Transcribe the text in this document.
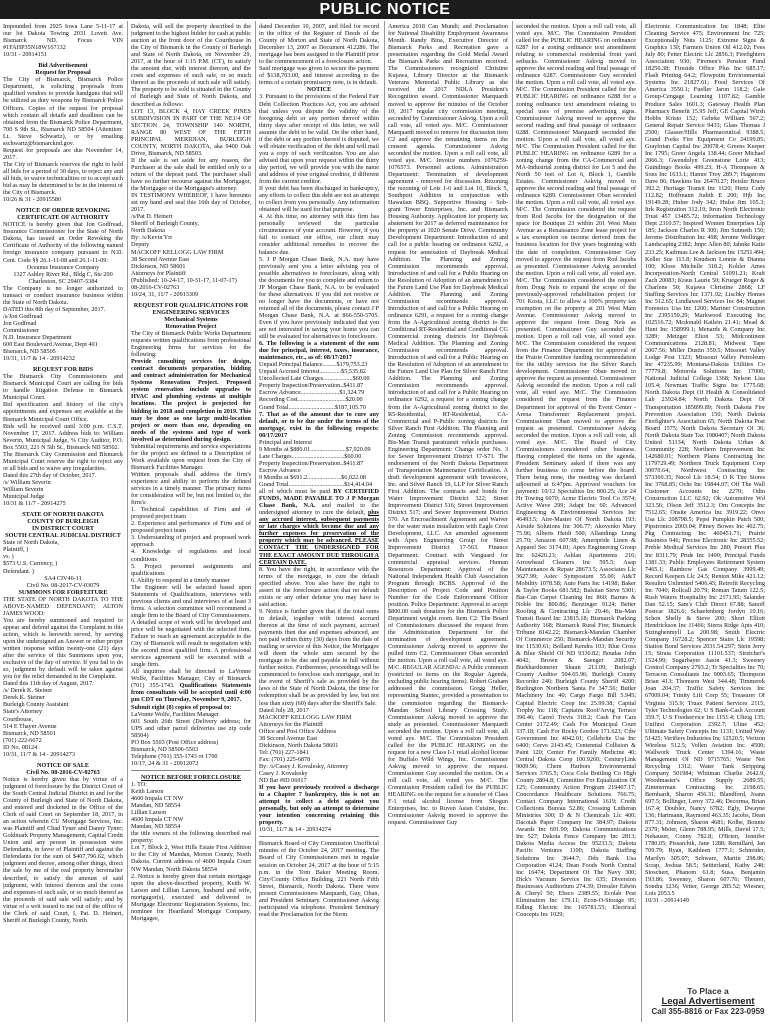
PUBLIC NOTICE

Impounded from 2925 Iowa Lane 5-11-17 at our lot Dakota Towing 2031 Lovett Ave. Bismarck ND. Focus VIN #1FAHP35N18W167132

10/31 - 20914151

Bid Advertisement

Request for Proposal

The City of Bismarck, Bismarck Police Department, is soliciting proposals from qualified vendors to provide handguns that will be utilized as duty weapons by Bismarck Police Officers. Copies of the request for proposal which contain all details and deadlines can be obtained from the Bismarck Police Department, 700 S 9th St., Bismarck ND 58504 (Attention: Lt. Steve Schwartz), or by emailing sschwartz@bismarcknd.gov.

Request for proposals are due November 14, 2017.

The City of Bismarck reserves the right to hold all bids for a period of 30 days, to reject any and all bids, to waive technicalities or to accept such bid as may be determined to be in the interest of the City of Bismarck.

10/26 & 31 - 20915580

NOTICE OF ORDER REVOKING CERTIFICATE OF AUTHORITY

NOTICE is hereby given that Jon Godfread, Insurance Commissioner for the State of North Dakota, has issued an Order Revoking the Certificate of Authority of the following named foreign insurance company pursuant to N.D. Cent. Code §§ 26.1-11-08 and 26.1-11-09:

Oceanus Insurance Company
1327 Ashley River Rd., Bldg C, Ste 200
Charleston, SC 29407-5384

The Company is no longer authorized to transact or conduct insurance business within the State of North Dakota.

DATED this 8th day of September, 2017.

/s/Jon Godfread
Jon Godfread
Commissioner
N.D. Insurance Department
600 East Boulevard Avenue, Dept 401
Bismarck, ND 58505

10/31, 11/7 & 14 - 20914232

REQUEST FOR BIDS

The Bismarck City Commissioners and Bismarck Municipal Court are calling for bids to handle litigation Defense in Bismarck Municipal Court.

Bid specification and history of the city's appointments and expenses are available at the Bismarck Municipal Court Office.

Bids will be received until 3:00 p.m. C.S.T. November 17, 2017. Address bids to: William Severin, Municipal Judge, % City Auditor, P.O. Box 5503, 221 N 5th St., Bismarck ND 58502.

The Bismarck City Commission and Bismarck Municipal Court reserve the right to reject any or all bids and to waive any irregularities.

Dated this 27th day of October, 2017.

/s/ William Severin
William Severin
Municipal Judge

10/31 & 11/7 - 20914275

STATE OF NORTH DAKOTA
COUNTY OF BURLEIGH
IN DISTRICT COURT
SOUTH CENTRAL JUDICIAL DISTRICT

State of North Dakota,
Plaintiff, )
vs. )
$573 U.S. Currency, )
Defendant. )

SA4 CIV46-11
Civil No. 08-2017-CV-03079

SUMMONS FOR FORFEITURE

THE STATE OF NORTH DAKOTA TO THE ABOVE-NAMED DEFENDANT; ALTON JAMES WOOD:

You are hereby summoned and required to appear and defend against the Complaint in this action, which is herewith served, by serving upon the undersigned an Answer or other proper written response within twenty-one (21) days after the service of this Summons upon you, exclusive of the day of service. If you fail to do so, judgment by default will be taken against you for the relief demanded in the Complaint.

Dated this 11th day of August, 2017.

/s/ Derek K. Steiner
Derek K. Steiner
Burleigh County Assistant
State's Attorney
Courthouse,
514 E Thayer Avenue
Bismarck, ND 58501
(701) 222-6672
ID No. 08124

10/31, 11/7 & 14 - 20914273

NOTICE OF SALE
Civil No. 08-2016-CV-02763

Notice is hereby given that by virtue of a judgment of foreclosure by the District Court of the South Central Judicial District in and for the County of Burleigh and State of North Dakota, and entered and docketed in the Office of the Clerk of said Court on September 18, 2017, in an action wherein CU Mortgage Services, Inc. was Plaintiff and Chad Tyner and Danny Tyner; Goldmark Property Management; Capital Credit Union and any person in possession were Defendants, in favor of Plaintiff and against the Defendants for the sum of $407,796.62, which judgment and decree, among other things, direct the sale by me of the real property hereinafter described, to satisfy the amount of said judgment, with interest thereon and the costs and expenses of such sale, or so much thereof as the proceeds of said sale will satisfy; and by virtue of a writ issued to me out of the office of the Clerk of said Court, I, Pat. D. Heinert, Sheriff of Burleigh County, North

Dakota, will sell the property described in the judgment to the highest bidder for cash at public auction at the front door of the Courthouse in the City of Bismarck in the County of Burleigh and State of North Dakota, on November 29, 2017, at the hour of 1:15 P.M. (CT), to satisfy the amount due, with interest thereon, and the costs and expenses of such sale, or so much thereof as the proceeds of such sale will satisfy. The property to be sold is situated in the County of Burleigh and State of North Dakota, and described as follows:

LOT 13, BLOCK 4, HAY CREEK PINES SUBDIVISION IN PART OF THE NE1/4 OF SECTION 24, TOWNSHIP 140 NORTH, RANGE 80 WEST OF THE FIFTH PRINCIPAL MERIDIAN, BURLEIGH COUNTY, NORTH DAKOTA, aka 9400 Oak Drive, Bismarck, ND 58503.

If the sale is set aside for any reason, the Purchaser at the sale shall be entitled only to a return of the deposit paid. The purchaser shall have no further recourse against the Mortgagor, the Mortgagee or the Mortgagee's attorney.

IN TESTIMONY WHEREOF, I have hereunto set my hand and seal this 16th day of October, 2017.

/s/Pat D. Heinert
Sheriff of Burleigh County,
North Dakota
By: /s/Kevin Yrr
Deputy

MACKOFF KELLOGG LAW FIRM
38 Second Avenue East
Dickinson, ND 58601
Attorneys for Plaintiff
(Published: 10-24-17, 10-31-17, 11-07-17)
08-2016-CV-02763

10/24, 31, 11/7 - 20913309

REQUEST FOR QUALIFICATIONS FOR ENGINEERING SERVICES
Mechanical Systems
Renovation Project

The City of Bismarck Public Works Department requests written qualifications from professional Engineering firms for services for the following:

Provide consulting services for design, contract documents preparation, bidding and contract administration for Mechanical Systems Renovation Project. Proposed system renovation include upgrades to HVAC and plumbing systems at multiple locations. The project is projected for bidding in 2018 and completion in 2019. This may be done as one large multi-location project or more than one, depending on needs of the systems and type of work involved as determined during design.

Submittal requirements and service expectations for the project are defined in a Description of Work available upon request from the City of Bismarck Facilities Manager.

Written proposals shall address the firm's experience and ability to perform the defined services in a timely manner. The primary items for consideration will be, but not limited to, the firm's:

1. Technical capabilities of Firm and of proposed project team
2. Experience and performance of Firm and of proposed project team
3. Understanding of project and proposed work approach
4. Knowledge of regulations and local conditions
5. Project personnel assignments and qualifications
6. Ability to respond in a timely manner

The Engineer will be selected based upon Statements of Qualifications, interviews with previous clients and oral interviews of at least 3 firms. A selection committee will recommend a single firm to the Board of City Commissioners. A detailed scope of work will be developed and price will be negotiated with the selected firm. Failure to reach an agreement acceptable to the City of Bismarck will result in negotiation with the second most qualified firm. A professional services agreement will be executed with a single firm.

All inquiries shall be directed to LaVonne Wolfe, Facilities Manager, City of Bismarck (701) 355-1743. Qualifications Statements from consultants will be accepted until 4:00 pm CDT on Thursday, November 9, 2017.

Submit eight (8) copies of proposal to:

LaVonne Wolfe, Facilities Manager
601 South 26th Street (Delivery address; for UPS and other parcel deliveries use zip code 58504)
PO Box 5503 (Post Office address)
Bismarck, ND 58506-5503
Telephone (701) 355-1743 or 1700

10/17, 24 & 31 - 20912072

NOTICE BEFORE FORECLOSURE

1. TO:
Keith Larson
4600 Impala CT NW
Mandan, ND 58554
Lillian Larson
4600 Impala CT NW
Mandan, ND 58554

the title owners of the following described real property:

Lot 7, Block 2, West Hills Estate First Addition to the City of Mandan, Morton County, North Dakota. Current address of 4600 Impala Court NW Mandan, North Dakota 58554

2. Notice is hereby given that certain mortgage upon the above-described property, Keith W. Larson and Lillian Larson, husband and wife, mortgagor(s), executed and delivered to Mortgage Electronic Registration Systems, Inc. nominee for Heartland Mortgage Company, Mortgagee,

dated December 10, 2007, and filed for record in the office of the Register of Deeds of the County of Morton and State of North Dakota, December 13, 2007 as Document 412286. The mortgage has been assigned to the Plaintiff prior to the commencement of a foreclosure action.

Said mortgage was given to secure the payment of $138,703.00, and interest according to the terms of a certain promissory note, is in default.

NOTICE

3. Pursuant to the provisions of the Federal Fair Debt Collection Practices Act, you are advised that unless you dispute the validity of the foregoing debt or any portion thereof within thirty days after receipt of this letter, we will assume the debt to be valid. On the other hand, if the debt or any portion thereof is disputed, we will obtain verification of the debt and will mail you a copy of such verification. You are also advised that upon your request within the thirty day period, we will provide you with the name and address of your original creditor, if different from the current creditor.

If your debt has been discharged in bankruptcy, any efforts to collect this debt are not an attempt to collect from you personally. Any information obtained will be used for that purpose.

4. At this time, no attorney with this firm has personally reviewed the particular circumstances of your account. However, if you fail to contact our office, our client may consider additional remedies to recover the balance due.

5. J P Morgan Chase Bank, N.A. may have previously sent you a letter advising you of possible alternatives to foreclosure, along with the documents for you to complete and return to JP Morgan Chase Bank, N.A. to be evaluated for these alternatives. If you did not receive or no longer have the documents, or have not returned all of the documents, please contact J P Morgan Chase Bank, N.A. at 866-550-5705. Even if you have previously indicated that you are not interested in saving your home you can still be evaluated for alternatives to foreclosure.

6. The following is a statement of the sum due for principal, interest, taxes, insurance, maintenance, etc., as of: 08/17/2017

Unpaid Principal Balance.........$179,753.23
Unpaid Accrued Interest..............$5,535.82
Uncollected Late Charges...................$60.00
Property Inspection/Preservation..$411.87
Escrow Advance.........................$1,324.79
Recording Cost...............................$20.00
Grand Total..............................$187,105.70

7. That as of the amount due to cure any default, or to be due under the terms of the mortgage, exist in the following respects: 08/17/2017

Principal and Interest
9 Months at $880.01.......................$7,920.09
Late Charges..................................$60.00
Property Inspection/Preservation..$411.87
Escrow Advance
9 Months at $691.2......................$6,022.08
Grand Total....................................$14,414.04

all of which must be paid BY CERTIFIED FUNDS, MADE PAYABLE TO J P Morgan Chase Bank, N.A. and mailed to the undersigned attorney to cure the default, plus any accrued interest, subsequent payments or late charges which become due and any further expenses for preservation of the property which may be advanced. PLEASE CONTACT THE UNDERSIGNED FOR THE EXACT AMOUNT DUE THROUGH A CERTAIN DATE.

8. You have the right, in accordance with the terms of the mortgage, to cure the default specified above. You also have the right to assert in the foreclosure action that no default exists or any other defense you may have to said action.

9. Notice is further given that if the total sums in default, together with interest accrued thereon at the time of such payment, accrued payments then due and expenses advanced, are not paid within thirty (30) days from the date of mailing or service of this Notice, the Mortgagee will deem the whole sum secured by the mortgage to be due and payable in full without further notice. Furthermore, proceedings will be commenced to foreclose such mortgage, and in the event of Sheriff's sale as provided by the laws of the State of North Dakota, the time for redemption shall be as provided by law, but not less than sixty (60) days after the Sheriff's Sale.

Dated July 28, 2017

MACKOFF KELLOGG LAW FIRM
Attorneys for the Plaintiff
Office and Post Office Address
38 Second Avenue East
Dickinson, North Dakota 58601
Tel: (701) 227-1841
Fax: (701) 225-6878
By: /s/Casey J. Kovalesky, Attorney
Casey J. Kovalesky
ND Bar #ID 06917

If you have previously received a discharge in a Chapter 7 bankruptcy, this is not an attempt to collect a debt against you personally, but only an attempt to determine your intention concerning retaining this property.

10/31, 11/7 & 14 - 20914274

Bismarck Board of City Commission Unofficial minutes of the October 24, 2017 meeting. The Board of City Commissioners met in regular session on October 24, 2017 at the hour of 5:15 p.m. in the Tom Baker Meeting Room, City/County Office Building, 221 North Fifth Street, Bismarck, North Dakota. There were present Commissioners Marquardt, Guy, Oban, and President Seminary. Commissioner Askvig participated via telephone. President Seminary read the Proclamation for the Norm

America 2018 Can Mundi; and Proclamation for National Disability Employment Awareness Month. Randy Bina, Executive Director of Bismarck Parks and Recreation gave a presentation regarding the Gold Medal Award the Bismarck Parks and Recreation received. The Commissioners recognized Christine Kujawa, Library Director at the Bismarck Veterans Memorial Public Library as she received the 2017 NDLA President's Recognition award. Commissioner Marquardt moved to approve the minutes of the October 10, 2017 regular city commission meeting, seconded by Commissioner Askvig. Upon a roll call vote, all voted aye. M/C. Commissioner Marquardt moved to remove for discussion item C2 and approve the remaining items on the consent agenda. Commissioner Askvig seconded the motion. Upon a roll call vote, all voted aye. M/C. Invoice numbers 1076259-1076573. Personnel actions. Administration Department: Termination of development agreement - removed for discussion. Rezoning the rezoning of Lots 1-6 and Lot 10, Block 5, Southport Addition in conjunction with Hawaiian BBQ. Supportive Housing - Sub-grant Tower Enterprises, Inc. and Bismarck Housing Authority. Application for property tax abatement for 2017 as deferred maintenance for the property at 1020 Senate Drive. Community Development Department: Introduction of and call for a public hearing on ordinance 6292, a request for annexation of Daybreak Medical Addition. The Planning and Zoning Commission recommends approval. Introduction of and call for a Public Hearing on the Resolution of Adoption of an amendment to the Future Land Use Plan for Daybreak Medical Addition. The Planning and Zoning Commission recommends approval. Introduction of and call for a Public Hearing on ordinance 6291, a request for a zoning change from the A-Agricultural zoning district to the Conditional RT-Residential and Conditional CG Commercial zoning districts for Daybreak Medical Addition. The Planning and Zoning Commission recommends approval. Introduction of and call for a Public Hearing on the Resolution of Adoption of an amendment to the Future Land Use Plan for Silver Ranch First Addition. The Planning and Zoning Commission recommends approval. Introduction of and call for a Public Hearing on ordinance 6292, a request for a zoning change from the A-Agricultural zoning district to the R5-Residential, RT-Residential, CA-Commercial and P-Public zoning districts for Silver Ranch First Addition. The Planning and Zoning Commission recommends approval. Bis-Man Transit paratransit vehicle purchases. Engineering Department: Change order No. 3 for Sewer Improvement District 17-S71. The endorsement of the North Dakota Department of Transportation Maintenance Certification. A draft development agreement with Investcore, Inc. and Silver Ranch 19, LLP for Silver Ranch First Addition. The contracts and bonds for Water Improvement District 322; Street Improvement District 516; Street Improvement District 517; and Sewer Improvement District 570. An Encroachment Agreement and Waiver for the water main installation with Eagle Crest Development, LLC. An amended agreement with Apex Engineering Group for Street Improvement District 17-563. Finance Department: Contract with Vanguard for commercial appraisal services. Human Resources Department: Approval of the National Independent Health Club Association Program through BCBS. Approval of the Description of Project Code and Position Number for the Code Enforcement Officer position. Police Department: Approval to accept $800.00 cash donation for the Bismarck Police Department weight room. Item C2: The Board of Commissioners discussed the request from the Administration Department for the termination of development agreement. Commissioner Askvig moved to approve the pulled item C2. Commissioner Oban seconded the motion. Upon a roll call vote, all voted aye. M/C. REGULAR AGENDA: A Public comment (restricted to items on the Regular Agenda, excluding public hearing items). Robert Graham addressed the commission. Gregg Heller, representing Stantec, provided a presentation to the commission regarding the Bismarck-Mandan School Library Crossing Study. Commissioner Askvig moved to approve the study as presented. Commissioner Marquardt seconded the motion. Upon a roll call vote, all voted aye. M/C. The Commission President called for the PUBLIC HEARING on the request for a new Class I-1 retail alcohol license for Buffalo Wild Wings, Inc. Commissioner Askvig moved to approve the request. Commissioner Guy seconded the motion. On a roll call vote, all voted yes. M/C. The Commission President called for the PUBLIC HEARING on the request for a transfer of Class F-1 retail alcohol license from Shogun Enterprises, Inc. to Ruven Asian Cuisine, Inc. Commissioner Askvig moved to approve the request. Commissioner Guy

seconded the motion. Upon a roll call vote, all voted aye. M/C. The Commission President called for the PUBLIC HEARING on ordinance 6287 for a zoning ordinance text amendment relating to commercial residential front yard setbacks. Commissioner Askvig moved to approve the second reading and final passage of ordinance 6287. Commissioner Guy seconded the motion. Upon a roll call vote, all voted aye. M/C. The Commission President called for the PUBLIC HEARING on ordinance 6288 for a zoning ordinance text amendment relating to special uses of premise advertising signs. Commissioner Askvig moved to approve the second reading and final passage of ordinance 6288. Commissioner Marquardt seconded the motion. Upon a roll call vote, all voted aye. M/C. The Commission President called for the PUBLIC HEARING on ordinance 6289 for a zoning change from the CA-Commercial and MA-Industrial zoning district for Lot 5 and the North 50 feet of Lot 6, Block 1, Gamble Estates. Commissioner Askvig moved to approve the second reading and final passage of ordinance 6289. Commissioner Oban seconded the motion. Upon a roll call vote, all voted aye. M/C. The Commission considered the request from Rod Jacobs for the designation of the space for Boutique 23 within 201 West Main Avenue as a Renaissance Zone lease project for a tax exemption on income derived from the business location for five years beginning with the date of completion. Commissioner Guy moved to approve the request from Rod Jacobs as presented. Commissioner Askvig seconded the motion. Upon a roll call vote, all voted aye. M/C. The Commission considered the request from Doug Neis to expand the scope of the previously-approved rehabilitation project for 701 Kosta, LLC to allow a 100% property tax exemption on the property at 201 West Main Avenue. Commissioner Askvig moved to approve the request from Doug Neis as presented. Commissioner Guy seconded the motion. Upon a roll call vote, all voted aye. M/C. The Commission considered the request from the Finance Department for approval of the Prairie Committee funding recommendation for the utility services for the Silver Ranch development. Commissioner Oban moved to approve the request as presented. Commissioner Askvig seconded the motion. Upon a roll call vote, all voted aye. M/C. The Commission considered the request from the Finance Department for approval of the Event Center - Arena Transformer Replacement project. Commissioner Oban moved to approve the request as presented. Commissioner Askvig seconded the motion. Upon a roll call vote, all voted aye. M/C. The Board of City Commissioners considered other business. Having completed the items on the agenda, President Seminary asked if there was any further business to come before the board. There being none, the meeting was declared adjourned at 6:47pm. Approved vouchers for payment: 10/12 Specialties Inc 800.25; Ace 24 Hr Towing 6070; Acme Electric Tool Co 3574; Active Wave 299; Adapt Inc 60; Advanced Engineering & Environmental Services Inc 46493.5; Aire-Master Of North Dakota 193; Airside Solutions Inc 306.77; Akovenko Mary 75.96; Alberts Heidi 500; Allandings Lmng 25.70; Amazon 607.98; Ameripride Linen & Apparel Sec 3174.81; Apex Engineering Group Inc 62420.23; Ashlan Apartments 216; Arrowhead Cleaners Inc 595.5; Asap Maintenance & Repair 28673.5; Associates Llc 3627.99; Astec Symposium 55.00; At&T Mobility 1078.58; Auto Parts Inc 14198; Baker & Taylor Books 681.582; Balsitan Steve 5301; Bar-Can Carpet Cleaning Inc 860; Barnes & Noble Inc 800.86; Benzinger 9124; Better Roofing & Contracting Llc 29.46; Bis-Man Transit Board Inc 23815.18; Bismarck Parking Authority 168; Bismarck Rural Fire; Bismarck Tribune 8142.22; Bismarck-Mandan Chamber Of Commerce 250; Bismarck-Mandan Security Inc 11530.61; Bolland Kendra 103; Blue Cross & Blue Shield Of ND 9330.82; Boudas John 4042; Brown & Saenger 2082.07; Burkhardtsmeier Shaun 213.09; Burleigh County Auditor 504.65.96; Burleigh County Recorder 240; Burleigh County Sheriff 4200; Burlington Northern Santa Fe 347.56; Butler Machinery Inc 40; Cargo Fargo Bill 5.945; Capital Electric Coop Inc 25.99.38; Capital Trophy Inc 118; Captains Roof/Arvig Terrace 396.46; Carrel Trevis 318.2; Cash For Cars Center 2172.49; Cash For Municipal Court 337.18; Cash For Rocky Gordon 171.623; Cdw Government Inc 4042.01; Cellebrite Usa Inc 6400; Cerve 2143.45; Centennial Collision & Paint 120; Center For Family Medicine 40; Central Dakota Coop 100.9260; CenturyLink 9009.96; Chem Harbors Environmental Services 3765.5; Coca Cola Bottling Co High County 2804.8; Committee For Equalization Of 125; Community Action Program 219407.17; Concordance Healthcare Solutions 766.75; Contact Company International 1619; Credit Collections Bureau 52.86; Crossing Lutheran Ministries 300; D & N Chemicals Llc 400; Dacotah Paper Company Inc 384.97; Dakota Awards Inc 691.99; Dakota Communications Inc 527; Dakota Fence Company Inc 2813; Dakota Media Access Inc 95233.5; Dakota Pacific Ventures 1100; Dakota Staffing Solutions Inc 3644.7; Ddx Bank Usa Corporation 4124; Dean Foods North Central Inc 16474; Department Of The Navy 300; Dick's Vacuum Service Inc 635; Diversion Businesses Auditorium 274.39; Dressler Edwin & Cheryl 50; Ebsco 2389.55; Ecolab Pest Elimination Inc 179.11; Econ-O-Storage 95; Edling Electric Inc 165781.55; Electrical Concepts Inc 1029;

Electronic Communication Inc 1848; Elite Cleaning Service 475; Environment Inc 725; Exceptionally Nuts 1125; Extreme Signs & Graphics 130; Farmers Union Oil 412.02; Fees July 80; Fetter Electric Llc 2856.3; Firefighters Association 930; Firemen's Pension Fund 18256.38; Fireside Office Plus Inc 685.17; Flash Printing 64.2; Flowpoint Environmental Systems Inc 21827.61; Food Services Of America 3550.1; Fueller Jaron 118.2; Gale Group-Cengage Learning 1107.82; Gamble Produce Sales 1601.3; Gateway Health Plan Pharmacy Benefit 15.95 Jeff; GE Capital Wtrsh Hobbs Kristo 152; Gehrke William 567.2; General Repair Service 9433; Glass Thomas J 2500; Glasser/Hills Pharmaceutical 9388.5; Grand Forks Fire Equipment Co 24199.85; Graybrian Capital Inc 20078.4; Greens Keeper Inc 1795; Greer Angela 138.44; Greer Michael 2066.3; Gwendolyn Greenstone Lorie 413; Guindingo Books 499.23; H-A Thompson & Sons Inc 1633.1; Hamre Troy 289.7; Hagstrom Dave 86; Hawkins Inc 26470.27; Heisler Bruce 392.2; Heritage Transit Inc 1120; Hertz Cody 112.82; Hoffmann Judith E 200; Hjb Inc 19149.28; Huber Jody 342; Hulse Jim 105.3; Itrk Registration 312.19; Itron North Electronic Trust 457 13485.72; Information Technology Dept 2310.57; Inspired Women Enterprises Llp 185; Jackson Charles R 300; Jim Sutmeth 150; Jerome Distribution Inc 498; Jerome Wellinger Landscaping 2382; Jmpc Allen 80; Jahnke Katie 233.25; Kadrmas Lee & Jackson Inc 15251.494; Keller Sue 113.8; Knudson Lonnie & Dianna 100; Klose Michelle 318.2; Kohler Ames Incorporation-North Central 51091.21; Kraft Zach 20083; Kraus Laurie 50; Krueger Roger & Charlene 50; Kujawa Christine 2868; LF Staffing Services Inc 1371.92; Lischky Homes Inc 512.65; Lindlawed Services Inc 84; Magnet Forensics Usa Inc 1200; Mariner Construction Inc 2395159.29; Markwood Executing Inc 102516.72; Mcdonald Katlein 21.41; Mead & Hunt Inc 158999.1; Menards & Company Inc 3289; Metzger Elton 53; Midcontinent Communications 2128.81; Midwest Tape 2067.56; Miller Dustin 359.5; Missouri Valley Lodge Post 1323; Missouri Valley Petroleum Inc 47235.99; Montana-Dakota Utilities Co 77779.8; Motorola Solutions Inc 17000; National Judicial College 1368; Nelson Lisa 105.4; Newman Traffic Signs Inc 1775.68; North Dakota Dept Of Health & Consolidated Lab 23924.84; North Dakota Dept Of Transportation 185899.89; North Dakota Fire Prevention Association 150; North Dakota Firefighter's Association 65; North Dakota Post Board 1575; North Dakota Secretary Of 36; North Dakota State Tax 1980407; North Dakota United 51134; North Dakota Urban & Community 228; Northern Improvement Inc 142680.01; Northern Plains Contracting Inc 1179729.49; Northern Truck Equipment Corp 30070.64; Northwest Contracting Inc 573360.35; Nucol Llc 18.54; O K Tire Stores Inc 3768.85; Ochs Inc 19844.07; Off The Wall Customer Accounts Inc 2270; Odin Construction LLC 62.92; Ok Automotive Wd 323.56; Olson Jeff 3512.3; Om Concepts Inc 7512.65; Onsite America Inc 3919.22; Onvo Usa Llc 208798.5; Pepsi Pumpkin Patch 500; Pipstronics 2003.04; Pitney Bowes Inc 402.75; Pkg Contracting Inc 460451.71; Prairie Business 946; Precise Electronic Inc 28355.52; Preble Medical Services Inc 280; Presort Plus Inc 8311.79; Pride Inc 1400; Principal Funds 1381.33; Public Employees Retirement System 7465.1; Rainbow Gas Company 3999.49; Record Keepers Llc 24.5; Renton Mike 421.12; Resultru Unlimited 5406.45; Retrofit Recycling Inc 7040; Rollcall 20.79; Roman Tatum 122.5; Rush Waters Hospitality Inc 2171.95; Salander Dan 52.15; Sam's Club Direct 67.88; Sanoff Postcar 1826.6; Schaefenberg Jordyn 10.16; Schon Shelly & Steve 200; Short Elliott Hendrickson Inc 11466; Sierra Ridge Apts 410; Sizinghenmyll La 200.98; Smith Electric Company 16728.2; Spencer Stairs Llc 19598; Station Bond Services 2031.54.297; Stein Jerry 15; Strata Corporation 11101.537; Stretcher's 1524.99; Sugarbayer Jason 41.3; Sweeney Control Company 2793.2; Tr Specialties Inc 70; Terracon Consultants Inc 9003.65; Thompson Brian 413; Thomson West 344.48; Timmerek Joan 204.37; Traffic Safety Services Inc 67009.04; Trinity Lift Corp 55; Treasurer Of Virginia 315.9; Truax Patient Services 2115; Tyler Technologies 62; U S Bank-Cash Account 359.7; U S Foodservice Inc 1151.4; Ulteig 135; Unifirst Corporation 2392.7; Uline 452; Ultimate Safety Concepts Inc 1131; United Way 51425; Verifiers Industries Inc 12520.5; Verizon Wireless 512.5; Vollen Aviation Inc. 4500; Wallwork Truck Center 1394.16; Waste Management Of ND 9715765; Waste Not Recycling 1312; Water Tank Stripping Company 501984; Whitman Charlie 2642.9; Woodmaster's Office Supply 2689.55; Zimmerman Contracting Inc 2198.65; Bernhardt, Sharon 456.31; Blandford, Joann 697.5; Bollinger, Leroy 372.46; Decorma, Brian 167.4; Doubler, Nancy 6782; Egly, Dwayne 136; Hartmann, Raymond 463.35; Jacobs, Dean 877.31; Johnson, Sharon 4681; Kolbe, Bonnie 2379; Meier, Glenn 788.95; Mills, David 17.5; Nehauser, Conny 782.8; O'Brien, Jennifer 1780.05; Pissarchik, Jane 1288; Remillard, Jan 709.79; Ryan, Kathleen 1777.1; Schneider, Marilyn 305.07; Schwarz, Martin 298.86; Scrap, Joshua 58.5; Seitterland, Kathy 248; Stoschert, Phanom 61.8; Susa, Benjamin 193.86; Sweeney, Sharon 607.76; Theurer, Sondra 1236; Vetter, George 285.52; Wiesner, Lois 2053.5

10/31 - 20914149

To Place a
Legal Advertisement
Call 355-8816 or Fax 223-0959
